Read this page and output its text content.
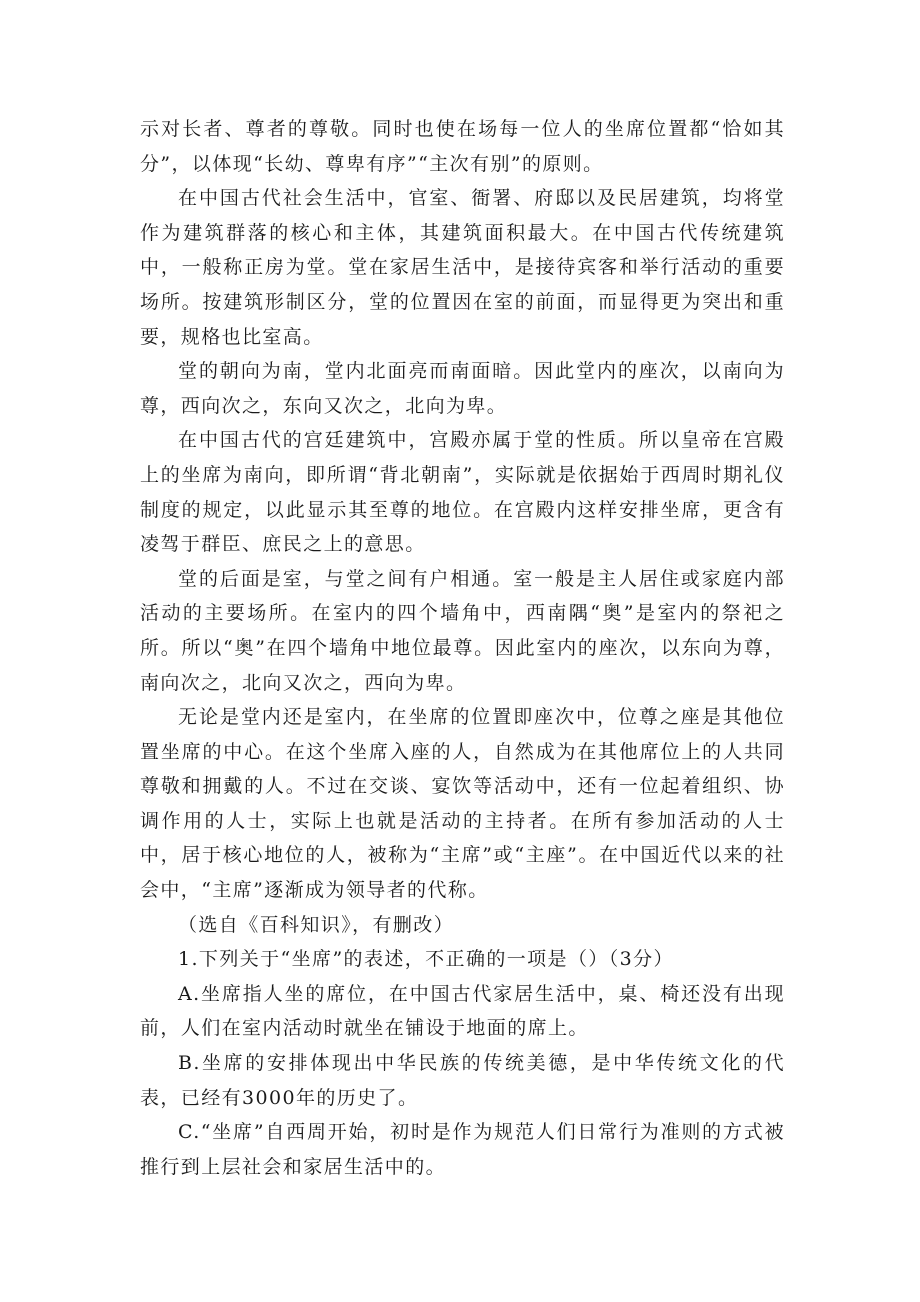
示对长者、尊者的尊敬。同时也使在场每一位人的坐席位置都“恰如其分”，以体现“长幼、尊卑有序”“主次有别”的原则。

在中国古代社会生活中，官室、衙署、府邸以及民居建筑，均将堂作为建筑群落的核心和主体，其建筑面积最大。在中国古代传统建筑中，一般称正房为堂。堂在家居生活中，是接待宾客和举行活动的重要场所。按建筑形制区分，堂的位置因在室的前面，而显得更为突出和重要，规格也比室高。

堂的朝向为南，堂内北面亮而南面暗。因此堂内的座次，以南向为尊，西向次之，东向又次之，北向为卑。

在中国古代的宫廷建筑中，宫殿亦属于堂的性质。所以皇帝在宫殿上的坐席为南向，即所谓“背北朝南”，实际就是依据始于西周时期礼仪制度的规定，以此显示其至尊的地位。在宫殿内这样安排坐席，更含有凌驾于群臣、庶民之上的意思。

堂的后面是室，与堂之间有户相通。室一般是主人居住或家庭内部活动的主要场所。在室内的四个墙角中，西南隅“奥”是室内的祭祀之所。所以“奥”在四个墙角中地位最尊。因此室内的座次，以东向为尊，南向次之，北向又次之，西向为卑。

无论是堂内还是室内，在坐席的位置即座次中，位尊之座是其他位置坐席的中心。在这个坐席入座的人，自然成为在其他席位上的人共同尊敬和拥戴的人。不过在交谈、宴饮等活动中，还有一位起着组织、协调作用的人士，实际上也就是活动的主持者。在所有参加活动的人士中，居于核心地位的人，被称为“主席”或“主座”。在中国近代以来的社会中，“主席”逐渐成为领导者的代称。

（选自《百科知识》，有删改）

1.下列关于“坐席”的表述，不正确的一项是（）（3分）

A.坐席指人坐的席位，在中国古代家居生活中，桌、椅还没有出现前，人们在室内活动时就坐在铺设于地面的席上。

B.坐席的安排体现出中华民族的传统美德，是中华传统文化的代表，已经有3000年的历史了。

C.“坐席”自西周开始，初时是作为规范人们日常行为准则的方式被推行到上层社会和家居生活中的。
